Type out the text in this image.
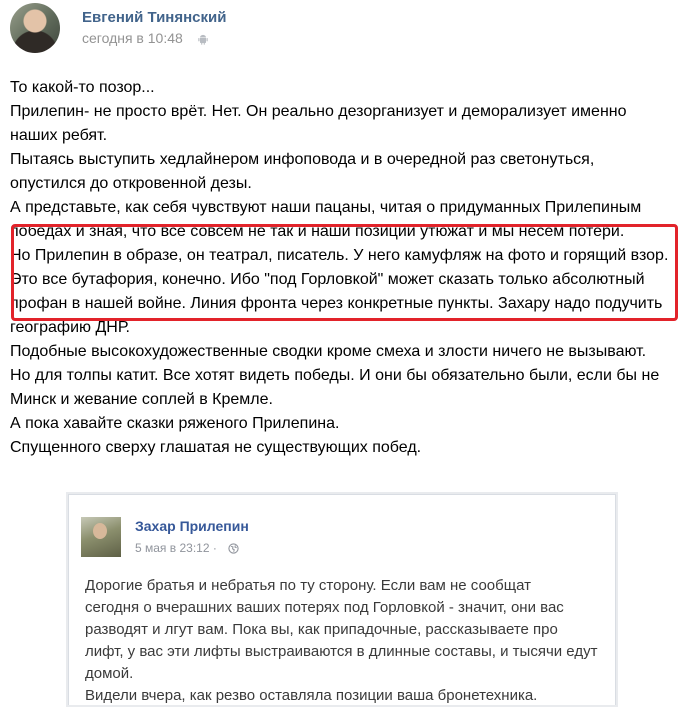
Евгений Тинянский
сегодня в 10:48
То какой-то позор...
Прилепин- не просто врёт. Нет. Он реально дезорганизует и деморализует именно
наших ребят.
Пытаясь выступить хедлайнером инфоповода и в очередной раз светонуться,
опустился до откровенной дезы.
А представьте, как себя чувствуют наши пацаны, читая о придуманных Прилепиным
победах и зная, что все совсем не так и наши позиции утюжат и мы несём потери.
Но Прилепин в образе, он театрал, писатель. У него камуфляж на фото и горящий взор.
Это все бутафория, конечно. Ибо "под Горловкой" может сказать только абсолютный
профан в нашей войне. Линия фронта через конкретные пункты. Захару надо подучить
географию ДНР.
Подобные высокохудожественные сводки кроме смеха и злости ничего не вызывают.
Но для толпы катит. Все хотят видеть победы. И они бы обязательно были, если бы не
Минск и жевание соплей в Кремле.
А пока хавайте сказки ряженого Прилепина.
Спущенного сверху глашатая не существующих побед.
Захар Прилепин
5 мая в 23:12 ·
Дорогие братья и небратья по ту сторону. Если вам не сообщат
сегодня о вчерашних ваших потерях под Горловкой - значит, они вас
разводят и лгут вам. Пока вы, как припадочные, рассказываете про
лифт, у вас эти лифты выстраиваются в длинные составы, и тысячи едут
домой.
Видели вчера, как резво оставляла позиции ваша бронетехника.
